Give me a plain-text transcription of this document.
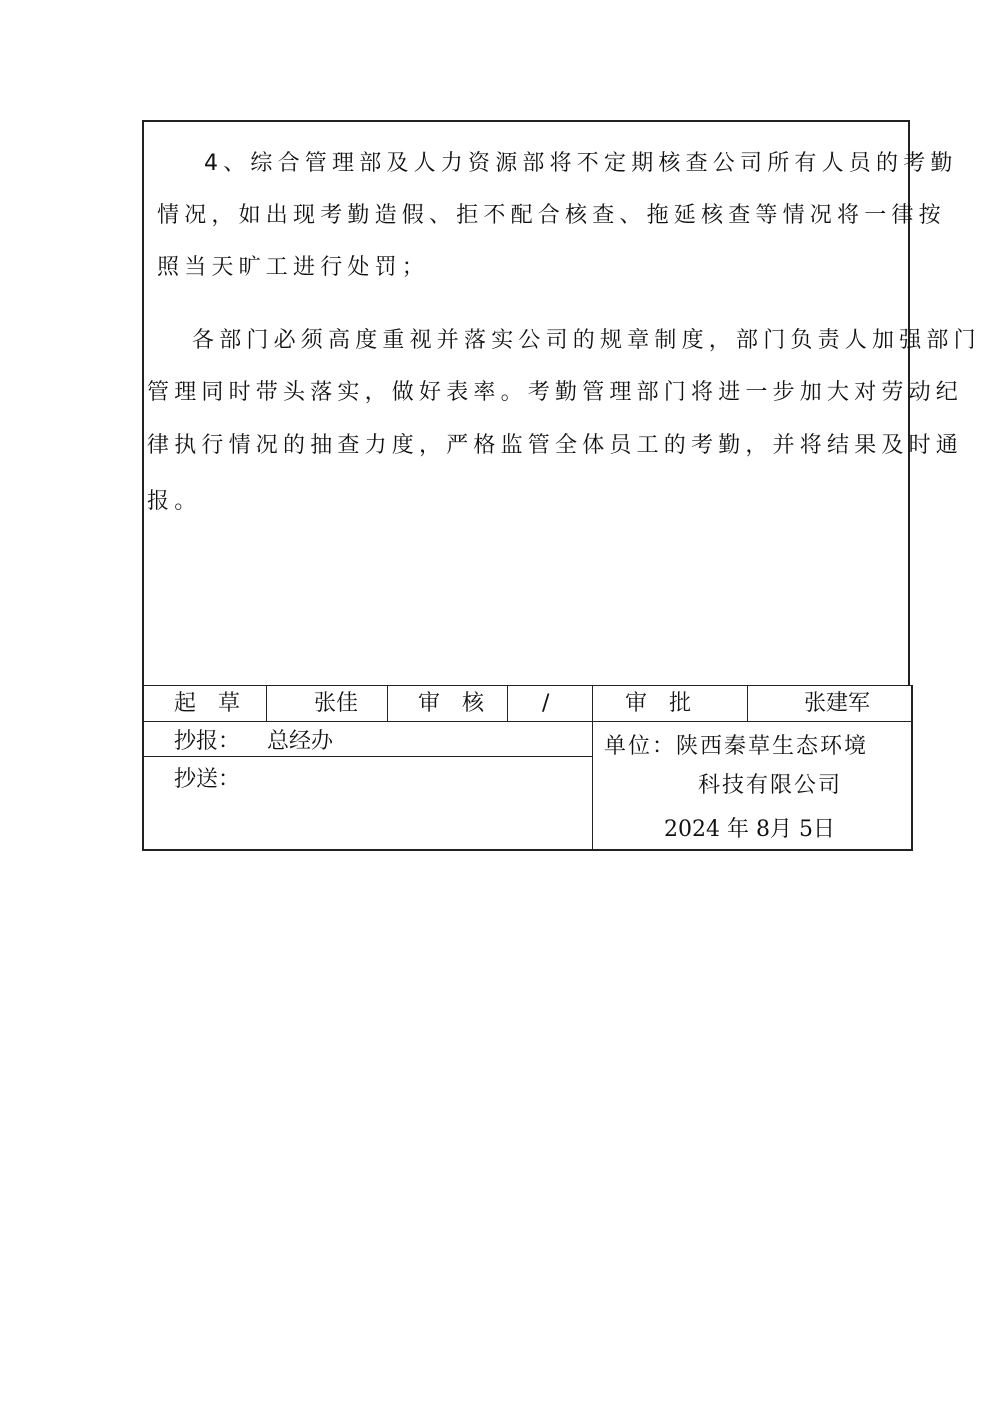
4、综合管理部及人力资源部将不定期核查公司所有人员的考勤
情况，如出现考勤造假、拒不配合核查、拖延核查等情况将一律按
照当天旷工进行处罚；
各部门必须高度重视并落实公司的规章制度，部门负责人加强部门
管理同时带头落实，做好表率。考勤管理部门将进一步加大对劳动纪
律执行情况的抽查力度，严格监管全体员工的考勤，并将结果及时通
报。
起　草	张佳	审　核	/	审　批	张建军
抄报： 总经办
抄送：
单位：陕西秦草生态环境
科技有限公司
2024 年 8月 5日
